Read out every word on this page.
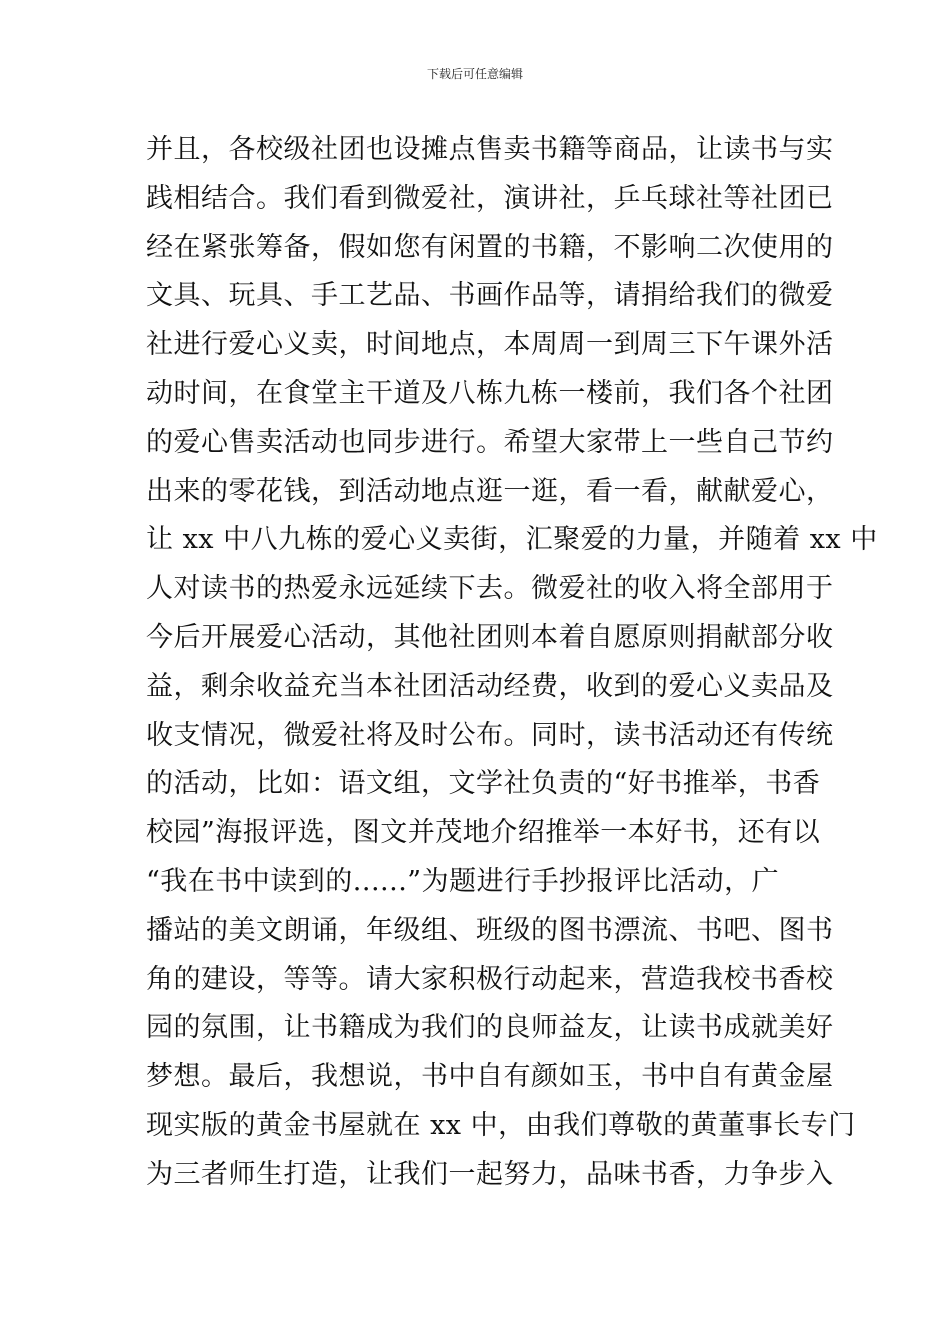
下载后可任意编辑
并且，各校级社团也设摊点售卖书籍等商品，让读书与实
践相结合。我们看到微爱社，演讲社，乒乓球社等社团已
经在紧张筹备，假如您有闲置的书籍，不影响二次使用的
文具、玩具、手工艺品、书画作品等，请捐给我们的微爱
社进行爱心义卖，时间地点，本周周一到周三下午课外活
动时间，在食堂主干道及八栋九栋一楼前，我们各个社团
的爱心售卖活动也同步进行。希望大家带上一些自己节约
出来的零花钱，到活动地点逛一逛，看一看，献献爱心，
让 xx 中八九栋的爱心义卖街，汇聚爱的力量，并随着 xx 中
人对读书的热爱永远延续下去。微爱社的收入将全部用于
今后开展爱心活动，其他社团则本着自愿原则捐献部分收
益，剩余收益充当本社团活动经费，收到的爱心义卖品及
收支情况，微爱社将及时公布。同时，读书活动还有传统
的活动，比如：语文组，文学社负责的“好书推举，书香
校园”海报评选，图文并茂地介绍推举一本好书，还有以
“我在书中读到的......”为题进行手抄报评比活动，广
播站的美文朗诵，年级组、班级的图书漂流、书吧、图书
角的建设，等等。请大家积极行动起来，营造我校书香校
园的氛围，让书籍成为我们的良师益友，让读书成就美好
梦想。最后，我想说，书中自有颜如玉，书中自有黄金屋
现实版的黄金书屋就在 xx 中，由我们尊敬的黄董事长专门
为三者师生打造，让我们一起努力，品味书香，力争步入
